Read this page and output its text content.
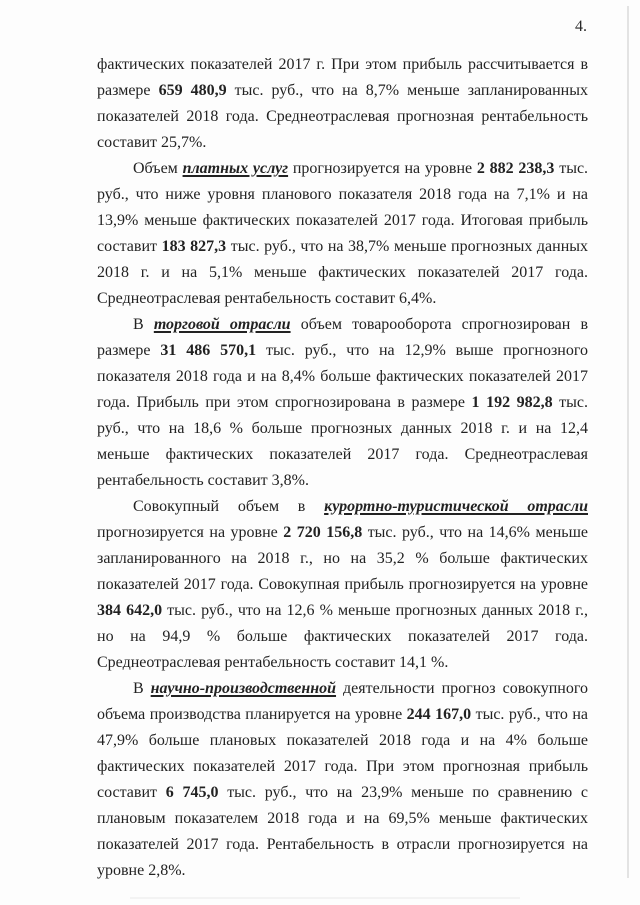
4.

фактических показателей 2017 г. При этом прибыль рассчитывается в размере 659 480,9 тыс. руб., что на 8,7% меньше запланированных показателей 2018 года. Среднеотраслевая прогнозная рентабельность составит 25,7%.

Объем платных услуг прогнозируется на уровне 2 882 238,3 тыс. руб., что ниже уровня планового показателя 2018 года на 7,1% и на 13,9% меньше фактических показателей 2017 года. Итоговая прибыль составит 183 827,3 тыс. руб., что на 38,7% меньше прогнозных данных 2018 г. и на 5,1% меньше фактических показателей 2017 года. Среднеотраслевая рентабельность составит 6,4%.

В торговой отрасли объем товарооборота спрогнозирован в размере 31 486 570,1 тыс. руб., что на 12,9% выше прогнозного показателя 2018 года и на 8,4% больше фактических показателей 2017 года. Прибыль при этом спрогнозирована в размере 1 192 982,8 тыс. руб., что на 18,6 % больше прогнозных данных 2018 г. и на 12,4 меньше фактических показателей 2017 года. Среднеотраслевая рентабельность составит 3,8%.

Совокупный объем в курортно-туристической отрасли прогнозируется на уровне 2 720 156,8 тыс. руб., что на 14,6% меньше запланированного на 2018 г., но на 35,2 % больше фактических показателей 2017 года. Совокупная прибыль прогнозируется на уровне 384 642,0 тыс. руб., что на 12,6 % меньше прогнозных данных 2018 г., но на 94,9 % больше фактических показателей 2017 года. Среднеотраслевая рентабельность составит 14,1 %.

В научно-производственной деятельности прогноз совокупного объема производства планируется на уровне 244 167,0 тыс. руб., что на 47,9% больше плановых показателей 2018 года и на 4% больше фактических показателей 2017 года. При этом прогнозная прибыль составит 6 745,0 тыс. руб., что на 23,9% меньше по сравнению с плановым показателем 2018 года и на 69,5% меньше фактических показателей 2017 года. Рентабельность в отрасли прогнозируется на уровне 2,8%.
